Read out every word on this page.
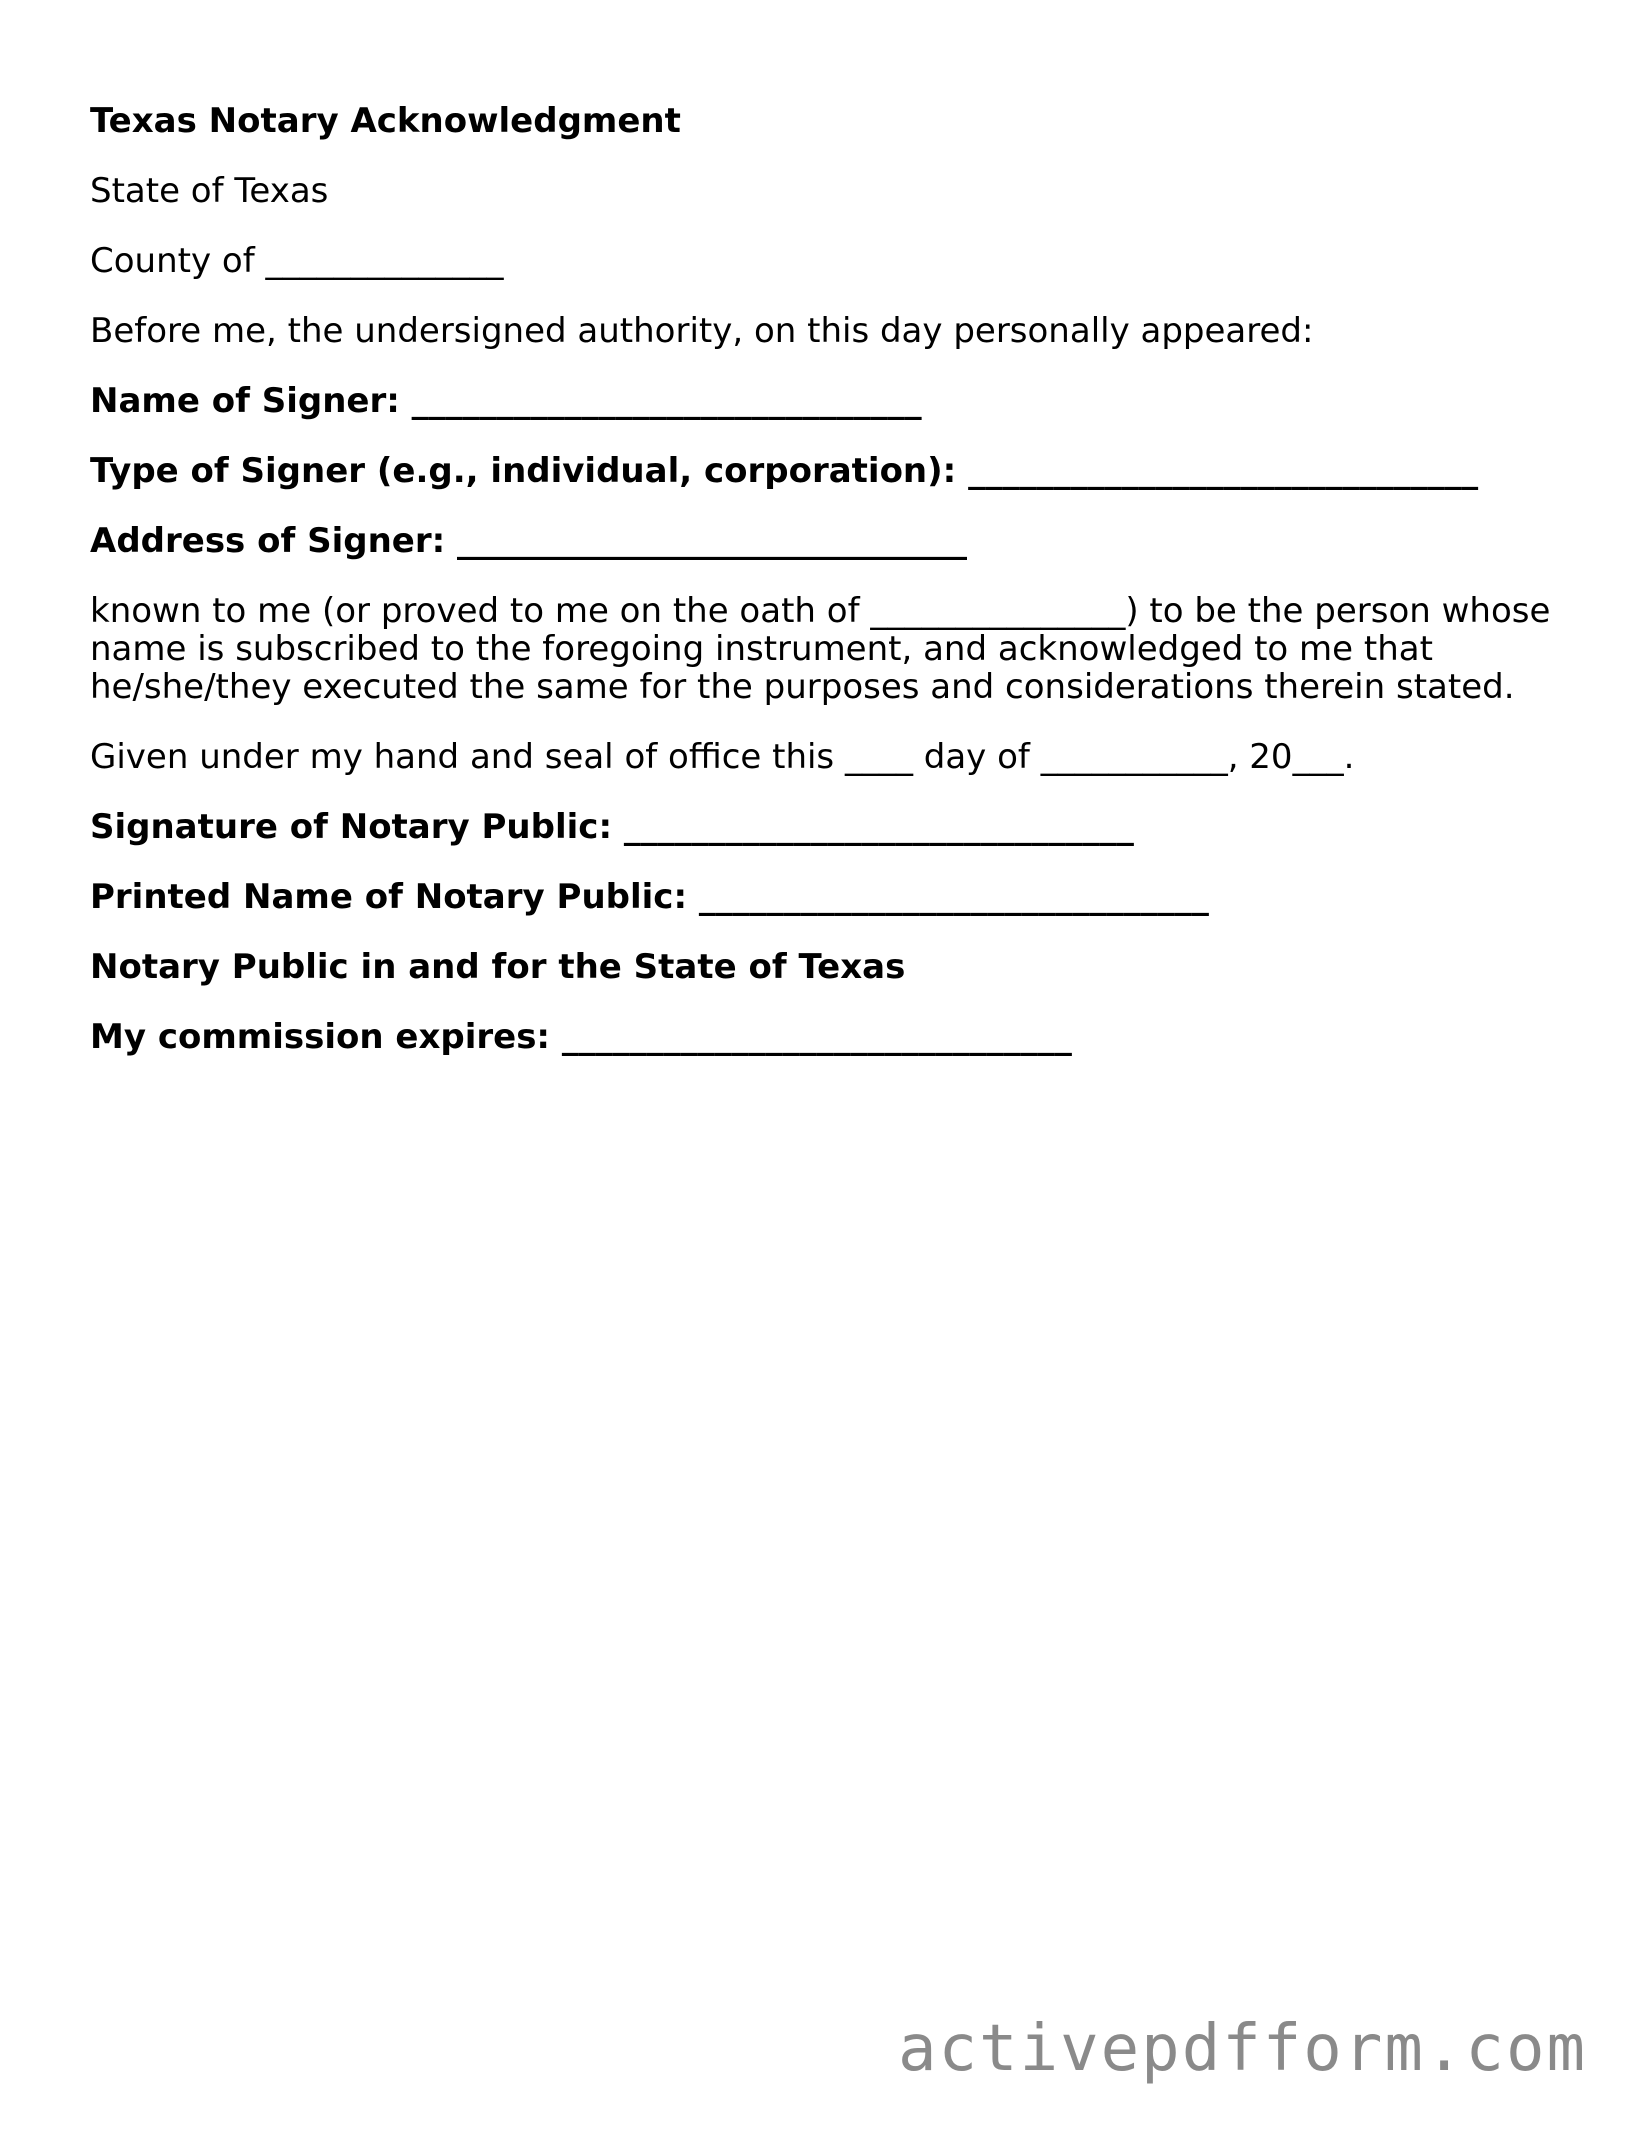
Texas Notary Acknowledgment

State of Texas

County of ______________

Before me, the undersigned authority, on this day personally appeared:

Name of Signer: ______________________________

Type of Signer (e.g., individual, corporation): ______________________________

Address of Signer: ______________________________

known to me (or proved to me on the oath of _______________) to be the person whose name is subscribed to the foregoing instrument, and acknowledged to me that he/she/they executed the same for the purposes and considerations therein stated.

Given under my hand and seal of office this ____ day of ___________, 20___.

Signature of Notary Public: ______________________________

Printed Name of Notary Public: ______________________________

Notary Public in and for the State of Texas

My commission expires: ______________________________

activepdfform.com
